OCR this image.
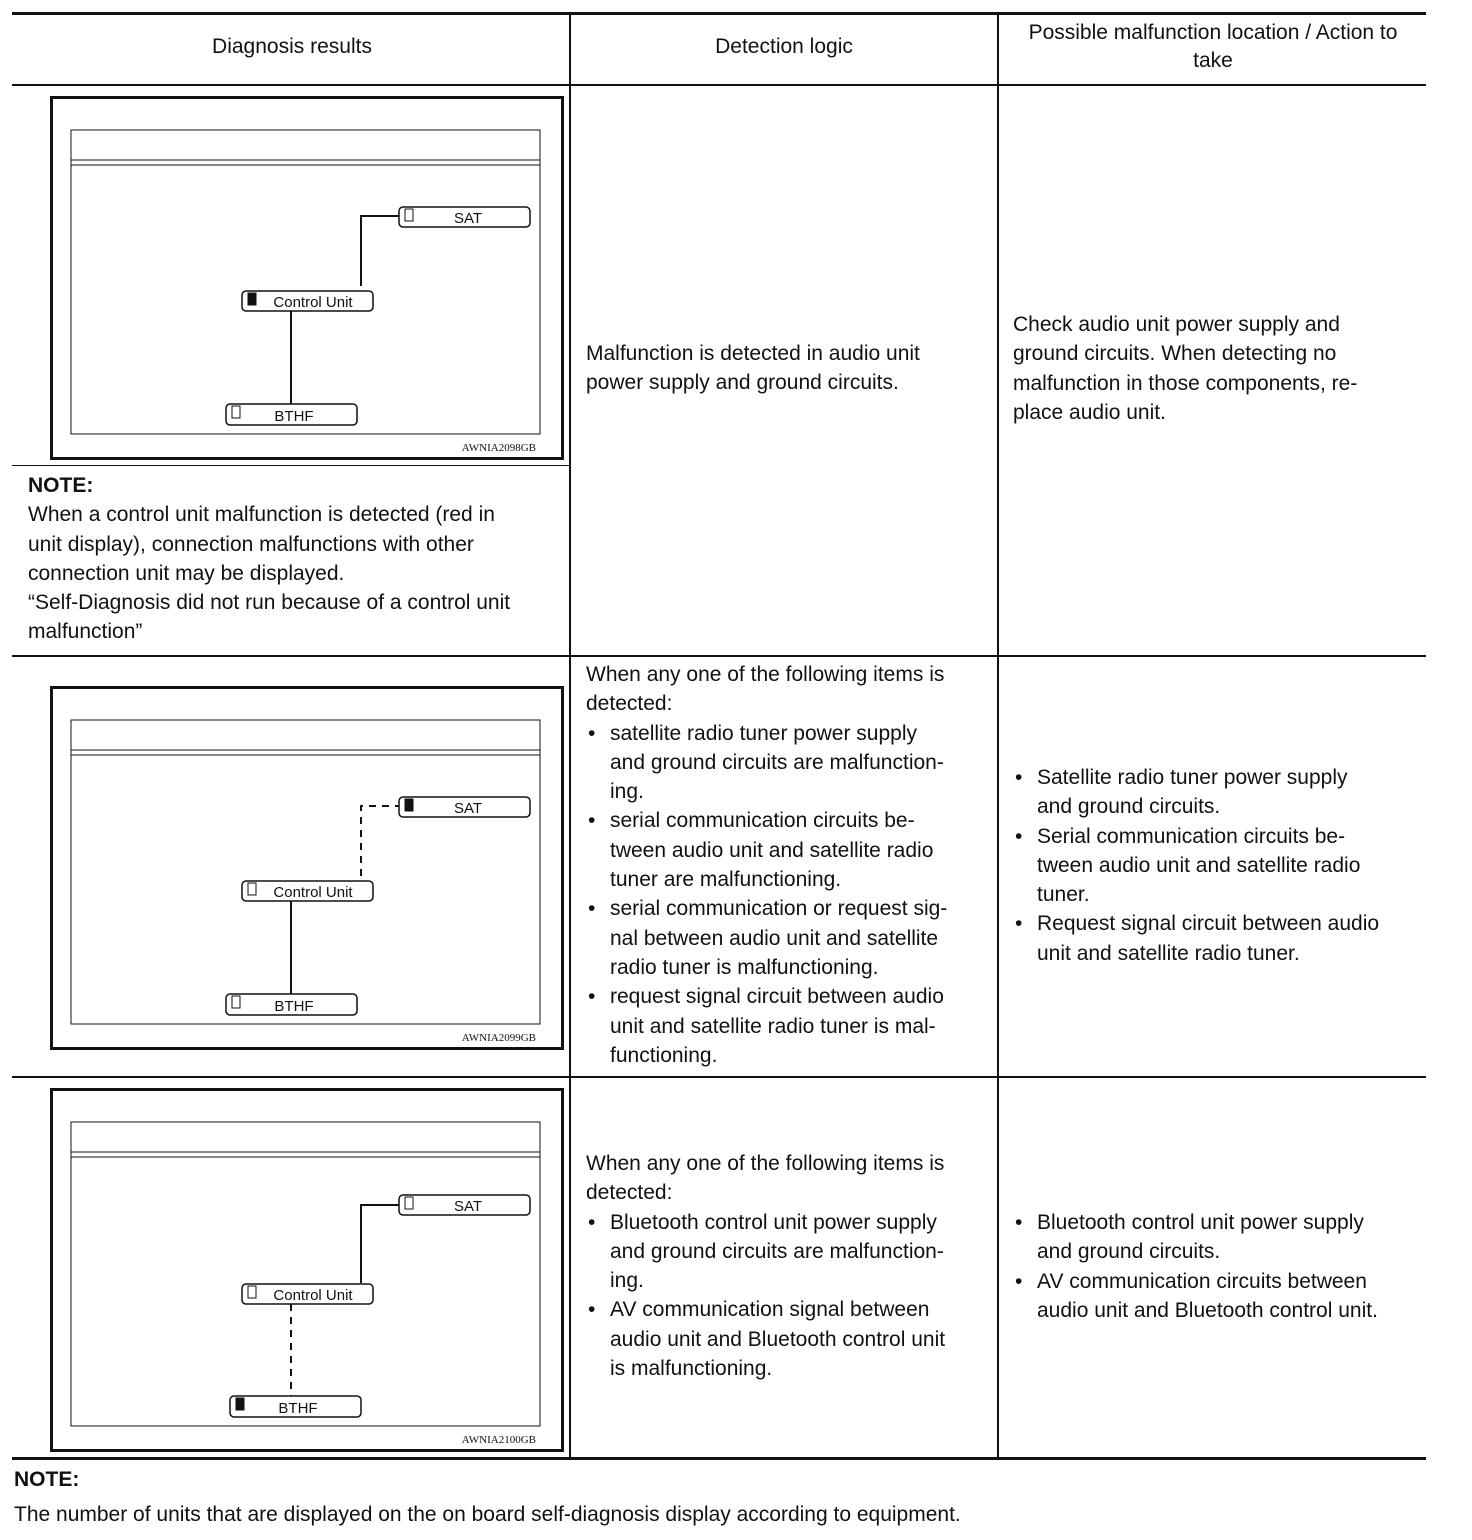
Diagnosis results	Detection logic
Possible malfunction location / Action to take
SAT
Control Unit
BTHF
AWNIA2098GB

NOTE:

When a control unit malfunction is detected (red in

unit display), connection malfunctions with other

connection unit may be displayed.

“Self-Diagnosis did not run because of a control unit

malfunction”

Malfunction is detected in audio unit

power supply and ground circuits.

Check audio unit power supply and

ground circuits. When detecting no

malfunction in those components, re-

place audio unit.

SAT
Control Unit
BTHF
AWNIA2099GB

When any one of the following items is

detected:

• satellite radio tuner power supply
and ground circuits are malfunction-
ing.
• serial communication circuits be-
tween audio unit and satellite radio
tuner are malfunctioning.
• serial communication or request sig-
nal between audio unit and satellite
radio tuner is malfunctioning.
• request signal circuit between audio
unit and satellite radio tuner is mal-
functioning.
• Satellite radio tuner power supply
and ground circuits.
• Serial communication circuits be-
tween audio unit and satellite radio
tuner.
• Request signal circuit between audio
unit and satellite radio tuner.
SAT
Control Unit
BTHF
AWNIA2100GB

When any one of the following items is

detected:

• Bluetooth control unit power supply
and ground circuits are malfunction-
ing.
• AV communication signal between
audio unit and Bluetooth control unit
is malfunctioning.
• Bluetooth control unit power supply
and ground circuits.
• AV communication circuits between
audio unit and Bluetooth control unit.
NOTE:
The number of units that are displayed on the on board self-diagnosis display according to equipment.
